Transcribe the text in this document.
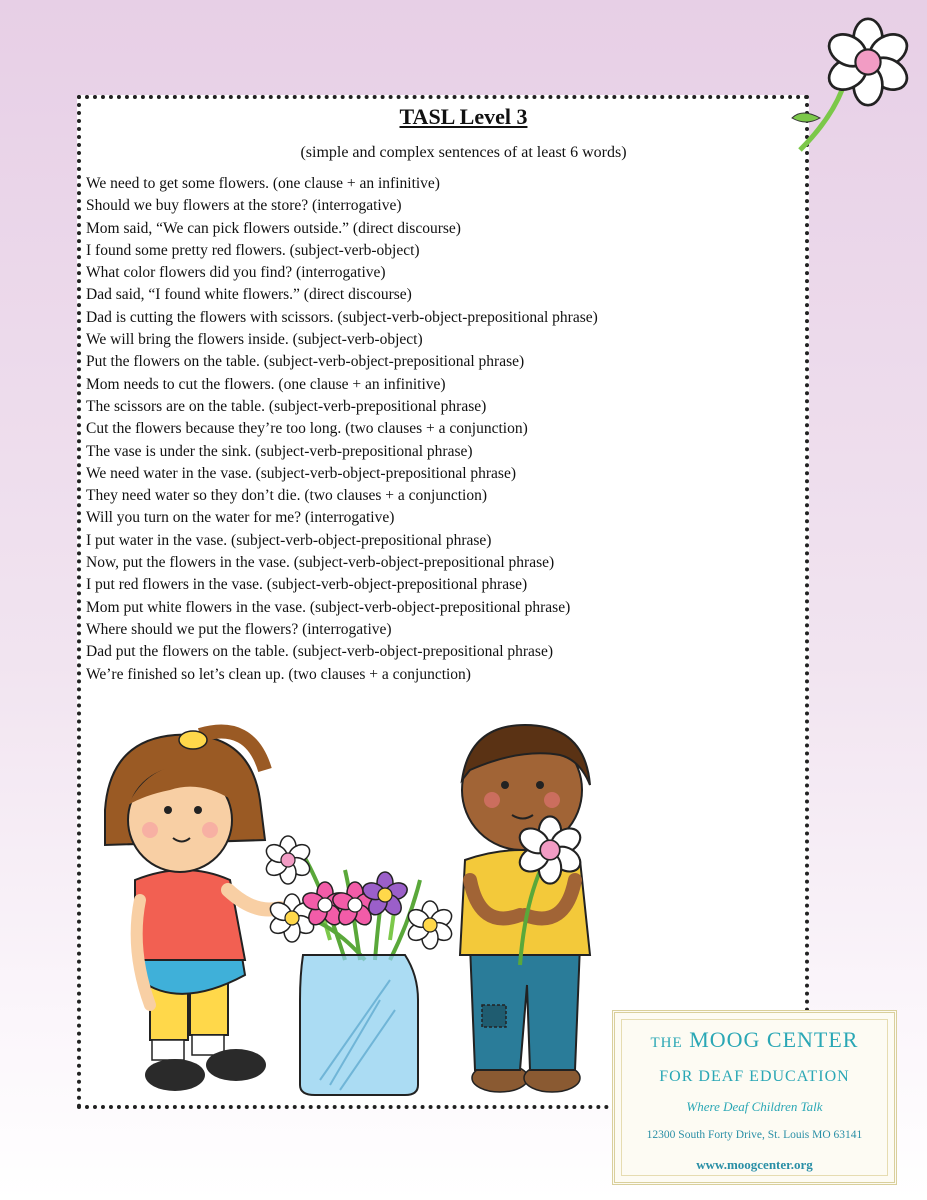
TASL Level 3
(simple and complex sentences of at least 6 words)
We need to get some flowers. (one clause + an infinitive)
Should we buy flowers at the store? (interrogative)
Mom said, “We can pick flowers outside.” (direct discourse)
I found some pretty red flowers. (subject-verb-object)
What color flowers did you find? (interrogative)
Dad said, “I found white flowers.” (direct discourse)
Dad is cutting the flowers with scissors. (subject-verb-object-prepositional phrase)
We will bring the flowers inside. (subject-verb-object)
Put the flowers on the table. (subject-verb-object-prepositional phrase)
Mom needs to cut the flowers. (one clause + an infinitive)
The scissors are on the table. (subject-verb-prepositional phrase)
Cut the flowers because they’re too long. (two clauses + a conjunction)
The vase is under the sink. (subject-verb-prepositional phrase)
We need water in the vase. (subject-verb-object-prepositional phrase)
They need water so they don’t die. (two clauses + a conjunction)
Will you turn on the water for me? (interrogative)
I put water in the vase. (subject-verb-object-prepositional phrase)
Now, put the flowers in the vase. (subject-verb-object-prepositional phrase)
I put red flowers in the vase. (subject-verb-object-prepositional phrase)
Mom put white flowers in the vase. (subject-verb-object-prepositional phrase)
Where should we put the flowers? (interrogative)
Dad put the flowers on the table. (subject-verb-object-prepositional phrase)
We’re finished so let’s clean up. (two clauses + a conjunction)
THE MOOG CENTER
FOR DEAF EDUCATION
Where Deaf Children Talk
12300 South Forty Drive, St. Louis MO 63141
www.moogcenter.org
